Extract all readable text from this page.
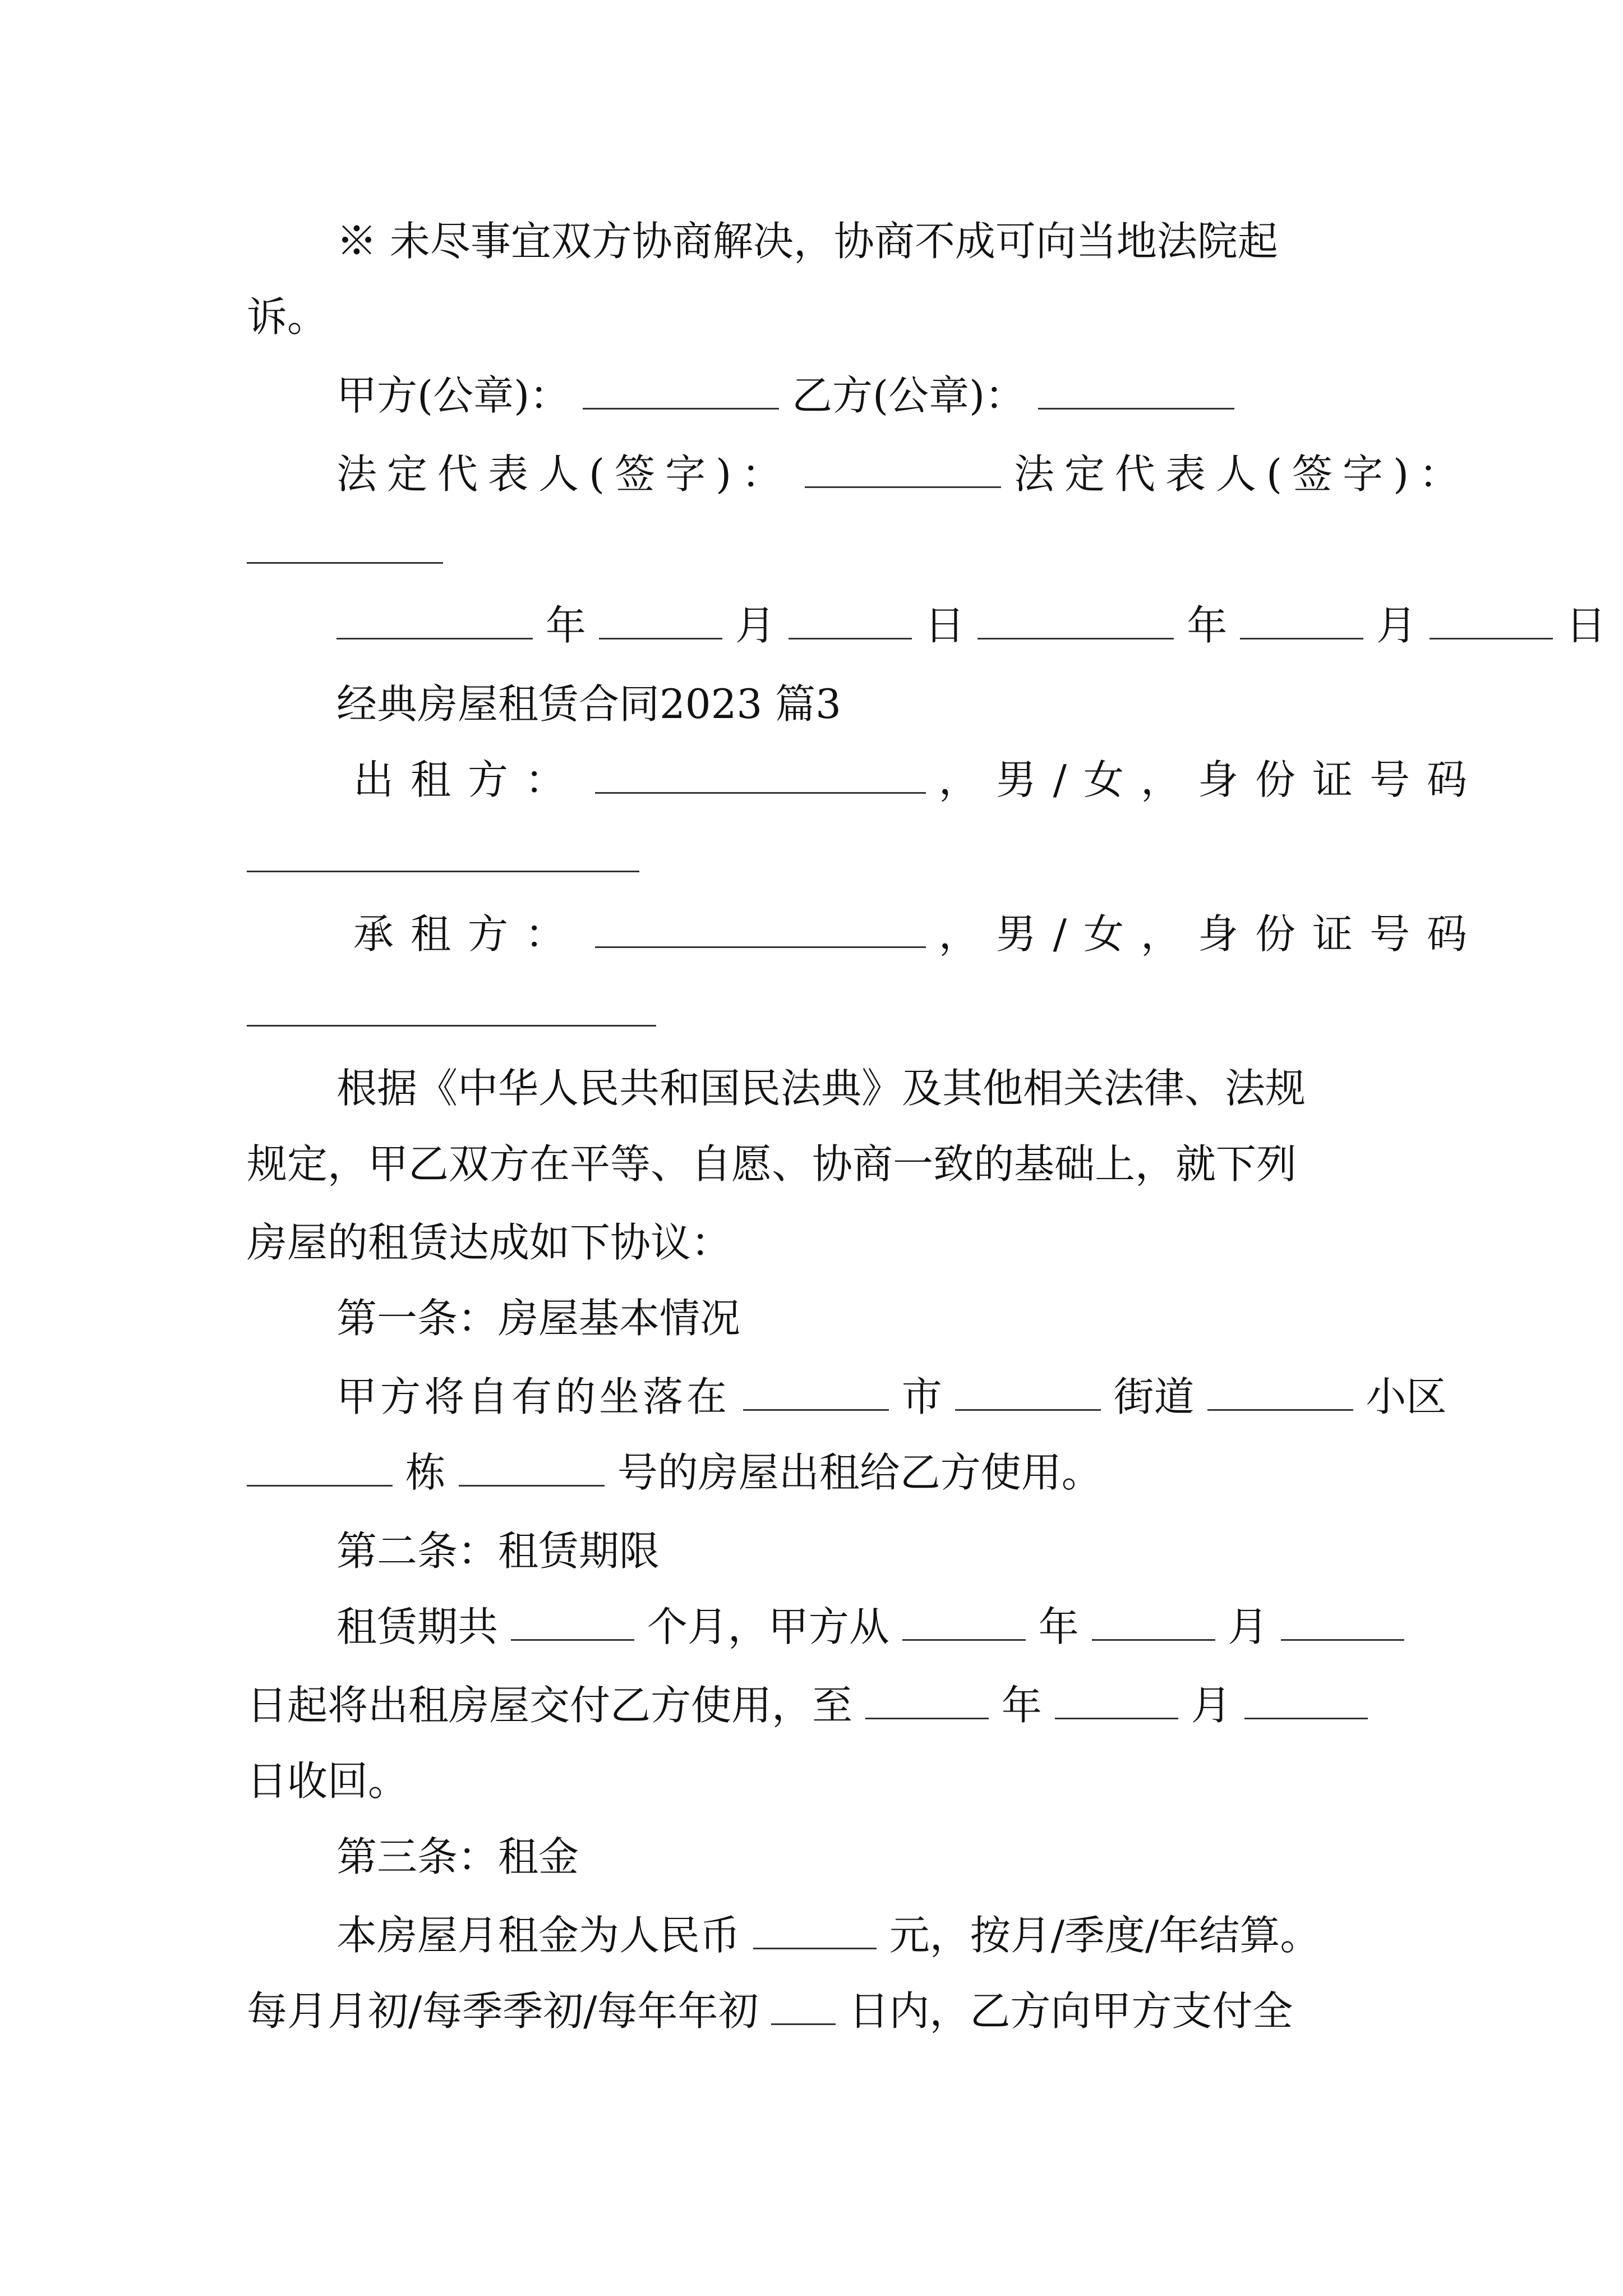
※ 未尽事宜双方协商解决，协商不成可向当地法院起
诉。
甲方(公章)：	乙方(公章)：
法定代表人(签字)：	法定代表人(签字)：
年	月	日	年	月	日
经典房屋租赁合同2023 篇3
出租方：	，男/女，身份证号码
承租方：	，男/女，身份证号码
根据《中华人民共和国民法典》及其他相关法律、法规
规定，甲乙双方在平等、自愿、协商一致的基础上，就下列
房屋的租赁达成如下协议：
第一条：房屋基本情况
甲方将自有的坐落在	市	街道	小区
栋	号的房屋出租给乙方使用。
第二条：租赁期限
租赁期共	个月，甲方从	年	月
日起将出租房屋交付乙方使用，至	年	月
日收回。
第三条：租金
本房屋月租金为人民币	元，按月/季度/年结算。
每月月初/每季季初/每年年初 日内，乙方向甲方支付全
